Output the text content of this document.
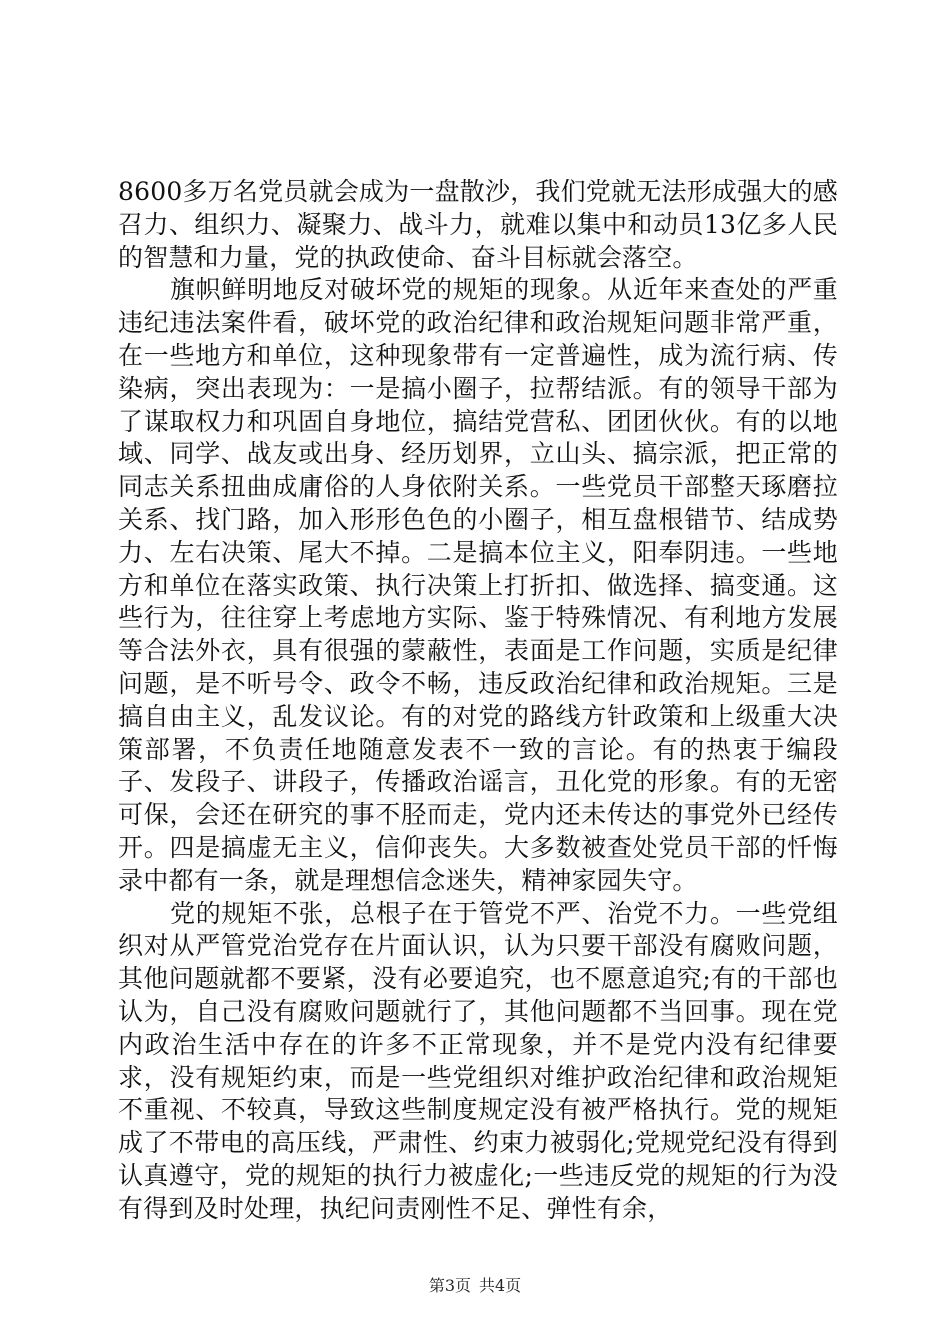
8600多万名党员就会成为一盘散沙，我们党就无法形成强大的感召力、组织力、凝聚力、战斗力，就难以集中和动员13亿多人民的智慧和力量，党的执政使命、奋斗目标就会落空。

旗帜鲜明地反对破坏党的规矩的现象。从近年来查处的严重违纪违法案件看，破坏党的政治纪律和政治规矩问题非常严重，在一些地方和单位，这种现象带有一定普遍性，成为流行病、传染病，突出表现为：一是搞小圈子，拉帮结派。有的领导干部为了谋取权力和巩固自身地位，搞结党营私、团团伙伙。有的以地域、同学、战友或出身、经历划界，立山头、搞宗派，把正常的同志关系扭曲成庸俗的人身依附关系。一些党员干部整天琢磨拉关系、找门路，加入形形色色的小圈子，相互盘根错节、结成势力、左右决策、尾大不掉。二是搞本位主义，阳奉阴违。一些地方和单位在落实政策、执行决策上打折扣、做选择、搞变通。这些行为，往往穿上考虑地方实际、鉴于特殊情况、有利地方发展等合法外衣，具有很强的蒙蔽性，表面是工作问题，实质是纪律问题，是不听号令、政令不畅，违反政治纪律和政治规矩。三是搞自由主义，乱发议论。有的对党的路线方针政策和上级重大决策部署，不负责任地随意发表不一致的言论。有的热衷于编段子、发段子、讲段子，传播政治谣言，丑化党的形象。有的无密可保，会还在研究的事不胫而走，党内还未传达的事党外已经传开。四是搞虚无主义，信仰丧失。大多数被查处党员干部的忏悔录中都有一条，就是理想信念迷失，精神家园失守。

党的规矩不张，总根子在于管党不严、治党不力。一些党组织对从严管党治党存在片面认识，认为只要干部没有腐败问题，其他问题就都不要紧，没有必要追究，也不愿意追究;有的干部也认为，自己没有腐败问题就行了，其他问题都不当回事。现在党内政治生活中存在的许多不正常现象，并不是党内没有纪律要求，没有规矩约束，而是一些党组织对维护政治纪律和政治规矩不重视、不较真，导致这些制度规定没有被严格执行。党的规矩成了不带电的高压线，严肃性、约束力被弱化;党规党纪没有得到认真遵守，党的规矩的执行力被虚化;一些违反党的规矩的行为没有得到及时处理，执纪问责刚性不足、弹性有余，

第3页 共4页
